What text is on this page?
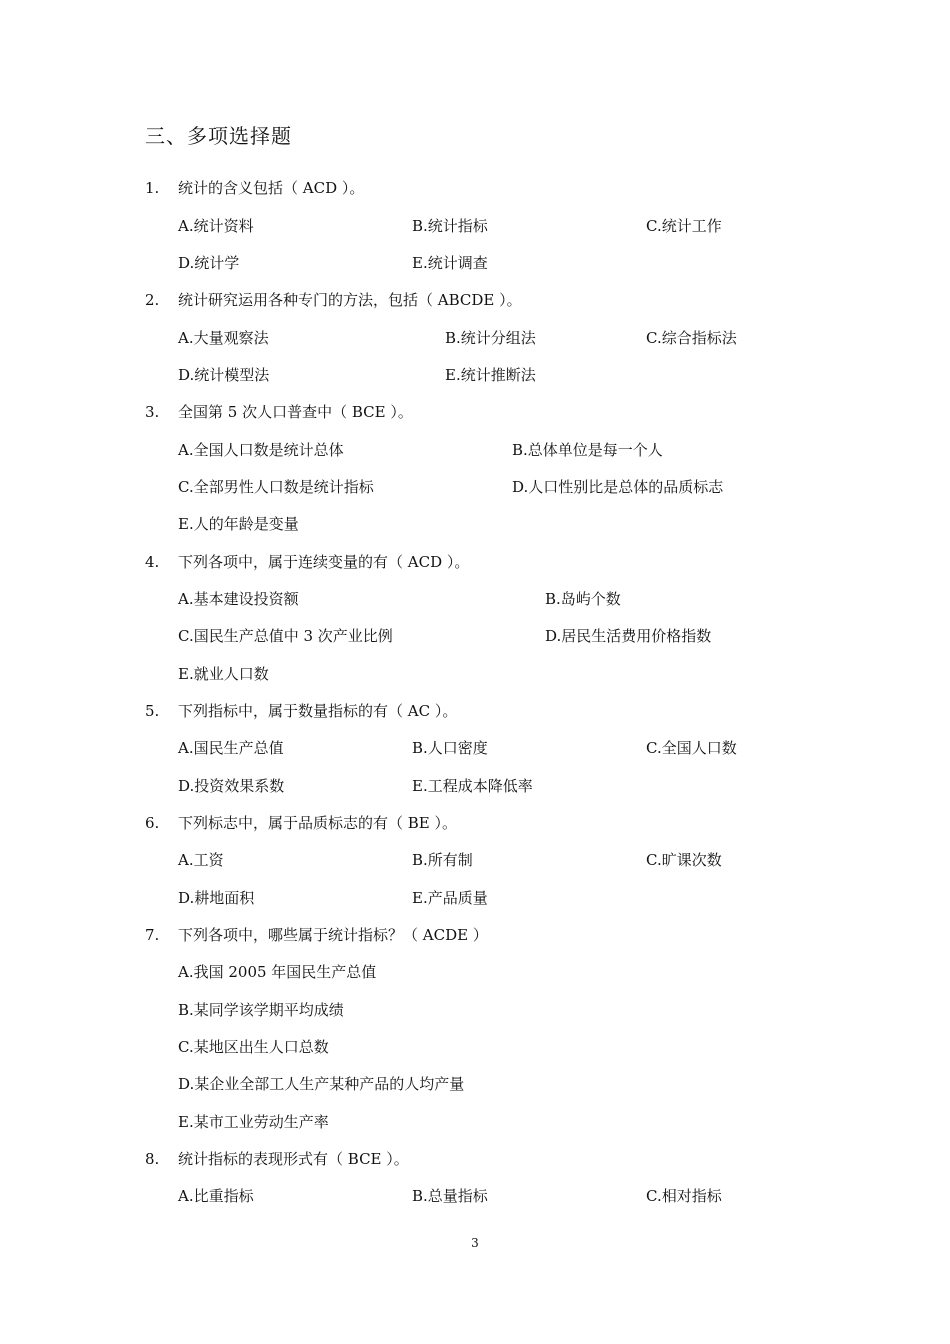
三、多项选择题
1.	统计的含义包括（ ACD ）。
A.统计资料	B.统计指标	C.统计工作
D.统计学	E.统计调查
2.	统计研究运用各种专门的方法，包括（ ABCDE ）。
A.大量观察法	B.统计分组法	C.综合指标法
D.统计模型法	E.统计推断法
3.	全国第 5 次人口普查中（ BCE ）。
A.全国人口数是统计总体	B.总体单位是每一个人
C.全部男性人口数是统计指标	D.人口性别比是总体的品质标志
E.人的年龄是变量
4.	下列各项中，属于连续变量的有（ ACD ）。
A.基本建设投资额	B.岛屿个数
C.国民生产总值中 3 次产业比例	D.居民生活费用价格指数
E.就业人口数
5.	下列指标中，属于数量指标的有（ AC ）。
A.国民生产总值	B.人口密度	C.全国人口数
D.投资效果系数	E.工程成本降低率
6.	下列标志中，属于品质标志的有（ BE ）。
A.工资	B.所有制	C.旷课次数
D.耕地面积	E.产品质量
7.	下列各项中，哪些属于统计指标？（ ACDE ）
A.我国 2005 年国民生产总值
B.某同学该学期平均成绩
C.某地区出生人口总数
D.某企业全部工人生产某种产品的人均产量
E.某市工业劳动生产率
8.	统计指标的表现形式有（ BCE ）。
A.比重指标	B.总量指标	C.相对指标
3
